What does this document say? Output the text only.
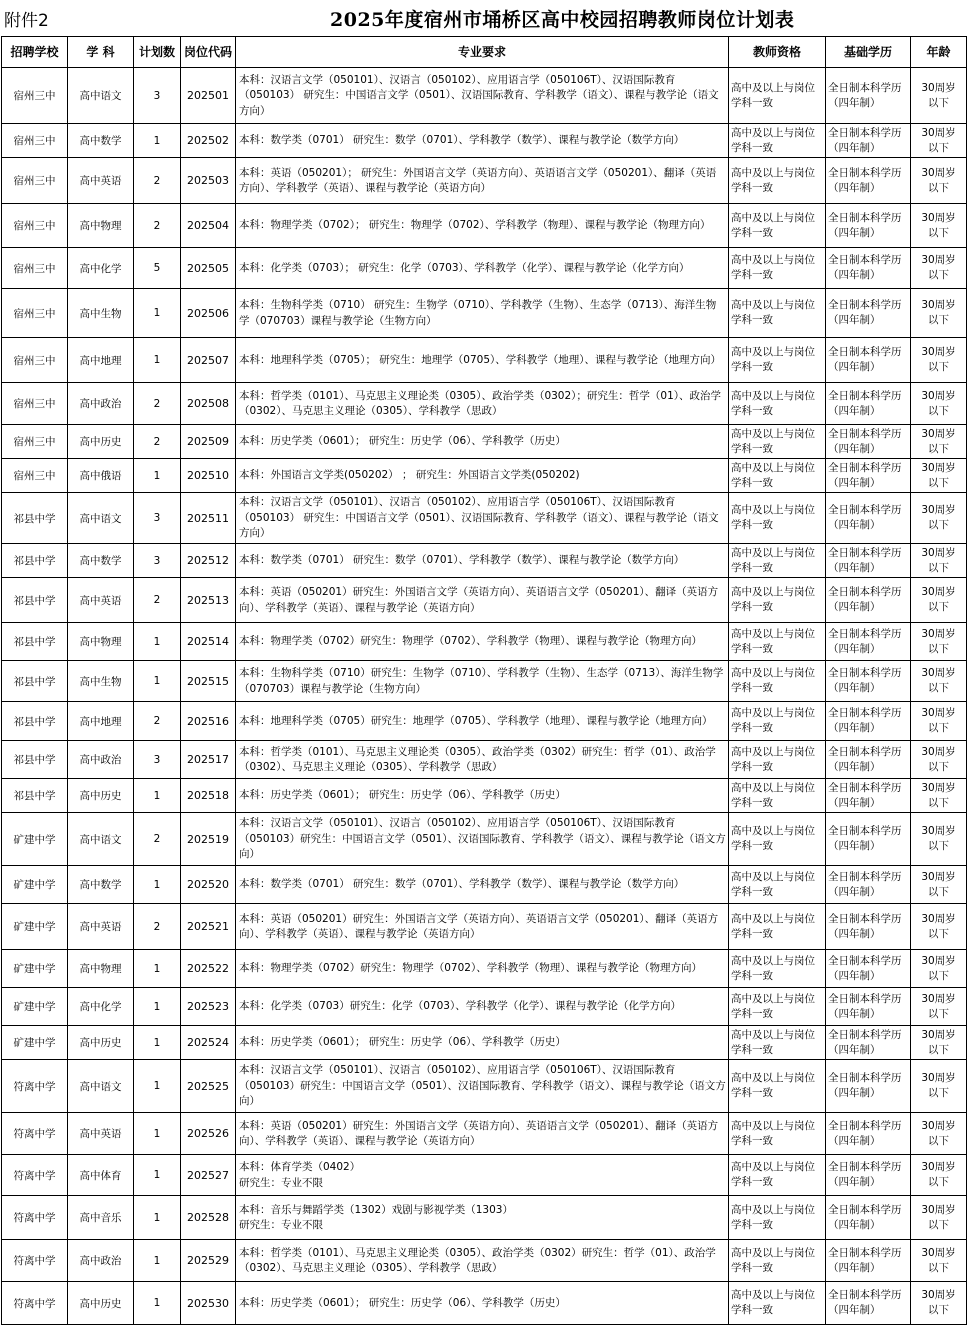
附件2	2025年度宿州市埇桥区高中校园招聘教师岗位计划表
招聘学校	学 科	计划数	岗位代码	专业要求	教师资格	基础学历	年龄
宿州三中	高中语文	3	202501	本科：汉语言文学（050101）、汉语言（050102）、应用语言学（050106T）、汉语国际教育（050103） 研究生：中国语言文学（0501）、汉语国际教育、学科教学（语文）、课程与教学论（语文方向）	高中及以上与岗位学科一致	全日制本科学历（四年制）	30周岁以下

宿州三中	高中数学	1	202502	本科：数学类（0701） 研究生：数学（0701）、学科教学（数学）、课程与教学论（数学方向）	高中及以上与岗位学科一致	全日制本科学历（四年制）	30周岁以下

宿州三中	高中英语	2	202503	本科：英语（050201）； 研究生：外国语言文学（英语方向）、英语语言文学（050201）、翻译（英语方向）、学科教学（英语）、课程与教学论（英语方向）	高中及以上与岗位学科一致	全日制本科学历（四年制）	30周岁以下

宿州三中	高中物理	2	202504	本科：物理学类（0702）； 研究生：物理学（0702）、学科教学（物理）、课程与教学论（物理方向）	高中及以上与岗位学科一致	全日制本科学历（四年制）	30周岁以下

宿州三中	高中化学	5	202505	本科：化学类（0703）； 研究生：化学（0703）、学科教学（化学）、课程与教学论（化学方向）	高中及以上与岗位学科一致	全日制本科学历（四年制）	30周岁以下

宿州三中	高中生物	1	202506	本科：生物科学类（0710） 研究生：生物学（0710）、学科教学（生物）、生态学（0713）、海洋生物学（070703）课程与教学论（生物方向）	高中及以上与岗位学科一致	全日制本科学历（四年制）	30周岁以下

宿州三中	高中地理	1	202507	本科：地理科学类（0705）； 研究生：地理学（0705）、学科教学（地理）、课程与教学论（地理方向）	高中及以上与岗位学科一致	全日制本科学历（四年制）	30周岁以下

宿州三中	高中政治	2	202508	本科：哲学类（0101）、马克思主义理论类（0305）、政治学类（0302）；研究生：哲学（01）、政治学（0302）、马克思主义理论（0305）、学科教学（思政）	高中及以上与岗位学科一致	全日制本科学历（四年制）	30周岁以下

宿州三中	高中历史	2	202509	本科：历史学类（0601）； 研究生：历史学（06）、学科教学（历史）	高中及以上与岗位学科一致	全日制本科学历（四年制）	30周岁以下

宿州三中	高中俄语	1	202510	本科：外国语言文学类(050202） ； 研究生：外国语言文学类(050202)	高中及以上与岗位学科一致	全日制本科学历（四年制）	30周岁以下

祁县中学	高中语文	3	202511	本科：汉语言文学（050101）、汉语言（050102）、应用语言学（050106T）、汉语国际教育（050103） 研究生：中国语言文学（0501）、汉语国际教育、学科教学（语文）、课程与教学论（语文方向）	高中及以上与岗位学科一致	全日制本科学历（四年制）	30周岁以下

祁县中学	高中数学	3	202512	本科：数学类（0701） 研究生：数学（0701）、学科教学（数学）、课程与教学论（数学方向）	高中及以上与岗位学科一致	全日制本科学历（四年制）	30周岁以下

祁县中学	高中英语	2	202513	本科：英语（050201）研究生：外国语言文学（英语方向）、英语语言文学（050201）、翻译（英语方向）、学科教学（英语）、课程与教学论（英语方向）	高中及以上与岗位学科一致	全日制本科学历（四年制）	30周岁以下

祁县中学	高中物理	1	202514	本科：物理学类（0702）研究生：物理学（0702）、学科教学（物理）、课程与教学论（物理方向）	高中及以上与岗位学科一致	全日制本科学历（四年制）	30周岁以下

祁县中学	高中生物	1	202515	本科：生物科学类（0710）研究生：生物学（0710）、学科教学（生物）、生态学（0713）、海洋生物学（070703）课程与教学论（生物方向）	高中及以上与岗位学科一致	全日制本科学历（四年制）	30周岁以下

祁县中学	高中地理	2	202516	本科：地理科学类（0705）研究生：地理学（0705）、学科教学（地理）、课程与教学论（地理方向）	高中及以上与岗位学科一致	全日制本科学历（四年制）	30周岁以下

祁县中学	高中政治	3	202517	本科：哲学类（0101）、马克思主义理论类（0305）、政治学类（0302）研究生：哲学（01）、政治学（0302）、马克思主义理论（0305）、学科教学（思政）	高中及以上与岗位学科一致	全日制本科学历（四年制）	30周岁以下

祁县中学	高中历史	1	202518	本科：历史学类（0601）； 研究生：历史学（06）、学科教学（历史）	高中及以上与岗位学科一致	全日制本科学历（四年制）	30周岁以下

矿建中学	高中语文	2	202519	本科：汉语言文学（050101）、汉语言（050102）、应用语言学（050106T）、汉语国际教育（050103）研究生：中国语言文学（0501）、汉语国际教育、学科教学（语文）、课程与教学论（语文方向）	高中及以上与岗位学科一致	全日制本科学历（四年制）	30周岁以下

矿建中学	高中数学	1	202520	本科：数学类（0701） 研究生：数学（0701）、学科教学（数学）、课程与教学论（数学方向）	高中及以上与岗位学科一致	全日制本科学历（四年制）	30周岁以下

矿建中学	高中英语	2	202521	本科：英语（050201）研究生：外国语言文学（英语方向）、英语语言文学（050201）、翻译（英语方向）、学科教学（英语）、课程与教学论（英语方向）	高中及以上与岗位学科一致	全日制本科学历（四年制）	30周岁以下

矿建中学	高中物理	1	202522	本科：物理学类（0702）研究生：物理学（0702）、学科教学（物理）、课程与教学论（物理方向）	高中及以上与岗位学科一致	全日制本科学历（四年制）	30周岁以下

矿建中学	高中化学	1	202523	本科：化学类（0703）研究生：化学（0703）、学科教学（化学）、课程与教学论（化学方向）	高中及以上与岗位学科一致	全日制本科学历（四年制）	30周岁以下

矿建中学	高中历史	1	202524	本科：历史学类（0601）； 研究生：历史学（06）、学科教学（历史）	高中及以上与岗位学科一致	全日制本科学历（四年制）	30周岁以下

符离中学	高中语文	1	202525	本科：汉语言文学（050101）、汉语言（050102）、应用语言学（050106T）、汉语国际教育（050103）研究生：中国语言文学（0501）、汉语国际教育、学科教学（语文）、课程与教学论（语文方向）	高中及以上与岗位学科一致	全日制本科学历（四年制）	30周岁以下

符离中学	高中英语	1	202526	本科：英语（050201）研究生：外国语言文学（英语方向）、英语语言文学（050201）、翻译（英语方向）、学科教学（英语）、课程与教学论（英语方向）	高中及以上与岗位学科一致	全日制本科学历（四年制）	30周岁以下

符离中学	高中体育	1	202527	本科：体育学类（0402）
研究生：专业不限	高中及以上与岗位学科一致	全日制本科学历（四年制）	30周岁以下

符离中学	高中音乐	1	202528	本科：音乐与舞蹈学类（1302）戏剧与影视学类（1303）
研究生：专业不限	高中及以上与岗位学科一致	全日制本科学历（四年制）	30周岁以下

符离中学	高中政治	1	202529	本科：哲学类（0101）、马克思主义理论类（0305）、政治学类（0302）研究生：哲学（01）、政治学（0302）、马克思主义理论（0305）、学科教学（思政）	高中及以上与岗位学科一致	全日制本科学历（四年制）	30周岁以下

符离中学	高中历史	1	202530	本科：历史学类（0601）； 研究生：历史学（06）、学科教学（历史）	高中及以上与岗位学科一致	全日制本科学历（四年制）	30周岁以下
